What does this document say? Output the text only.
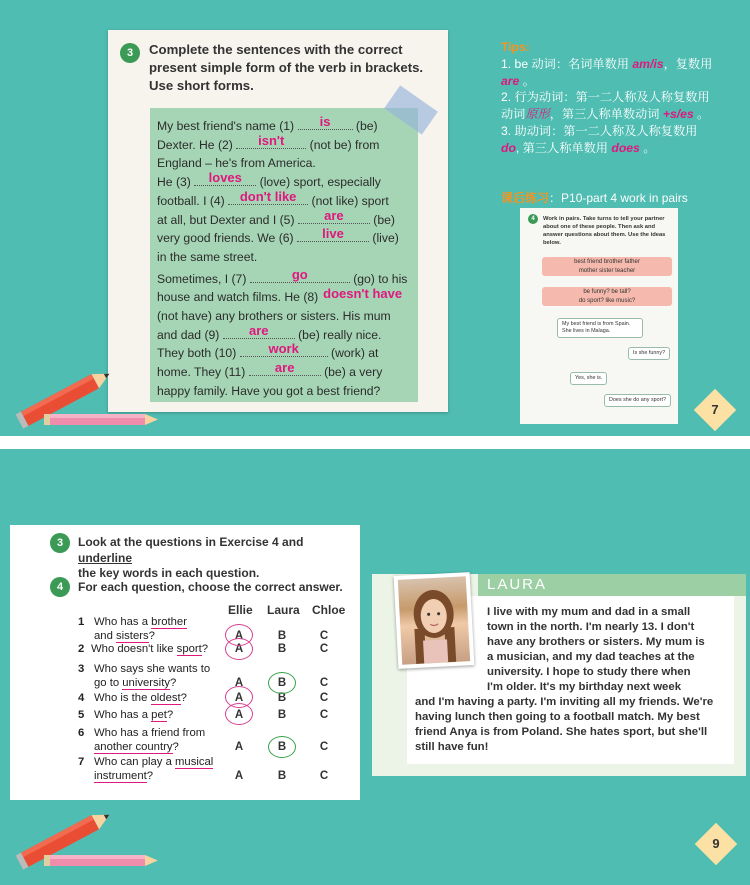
3	Complete the sentences with the correct present simple form of the verb in brackets. Use short forms.

My best friend's name (1)	is	(be)
Dexter. He (2)	isn't	(not be) from
England – he's from America.
He (3)	loves	(love) sport, especially
football. I (4)	don't like	(not like) sport
at all, but Dexter and I (5)	are	(be)
very good friends. We (6)	live	(live)
in the same street.

Sometimes, I (7)	go	(go) to his
house and watch films. He (8) doesn't have

(not have) any brothers or sisters. His mum
and dad (9)	are	(be) really nice.
They both (10)	work	(work) at
home. They (11)	are	(be) a very
happy family. Have you got a best friend?

Tips:
1. be 动词：名词单数用 am/is，复数用 are 。
2. 行为动词：第一二人称及人称复数用动词原形，第三人称单数动词 +s/es 。
3. 助动词：第一二人称及人称复数用 do, 第三人称单数用 does 。
课后练习：P10-part 4 work in pairs
4	Work in pairs. Take turns to tell your partner about one of these people. Then ask and answer questions about them. Use the ideas below.
best friend brother father
mother sister teacher
be funny? be tall?
do sport? like music?
My best friend is from Spain.
She lives in Malaga.
Is she funny?
Yes, she is.
Does she do any sport?
7
3	Look at the questions in Exercise 4 and underline
the key words in each question.
4	For each question, choose the correct answer.
Ellie Laura Chloe
1 Who has a brother
and sisters?	A	B	C
2 Who doesn't like sport?	A	B	C
3 Who says she wants to
go to university?	A	B	C
4 Who is the oldest?	A	B	C
5 Who has a pet?	A	B	C
6 Who has a friend from
another country?	A	B	C
7 Who can play a musical
instrument?	A	B	C
LAURA
I live with my mum and dad in a small
town in the north. I'm nearly 13. I don't
have any brothers or sisters. My mum is
a musician, and my dad teaches at the
university. I hope to study there when
I'm older. It's my birthday next week
and I'm having a party. I'm inviting all my friends. We're
having lunch then going to a football match. My best
friend Anya is from Poland. She hates sport, but she'll
still have fun!
9
